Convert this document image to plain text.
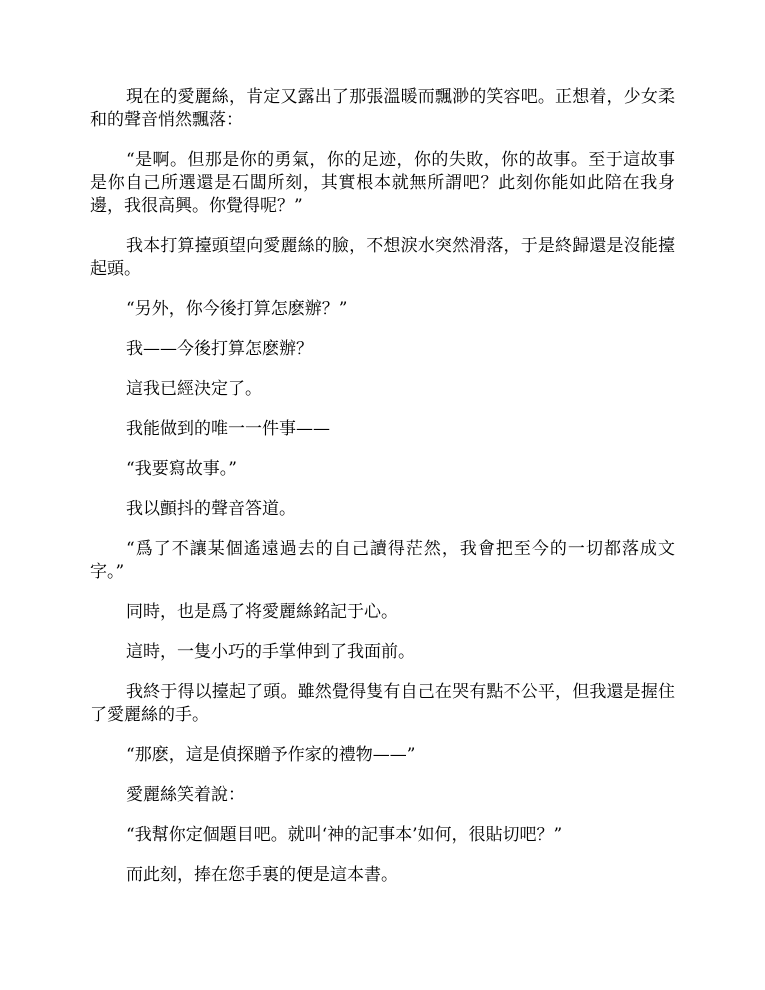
現在的愛麗絲，肯定又露出了那張溫暖而飄渺的笑容吧。正想着，少女柔和的聲音悄然飄落：

“是啊。但那是你的勇氣，你的足迹，你的失敗，你的故事。至于這故事是你自己所選還是石闆所刻，其實根本就無所謂吧？此刻你能如此陪在我身邊，我很高興。你覺得呢？”

我本打算擡頭望向愛麗絲的臉，不想淚水突然滑落，于是終歸還是沒能擡起頭。

“另外，你今後打算怎麽辦？”

我——今後打算怎麽辦？

這我已經決定了。

我能做到的唯一一件事——

“我要寫故事。”

我以顫抖的聲音答道。

“爲了不讓某個遙遠過去的自己讀得茫然，我會把至今的一切都落成文字。”

同時，也是爲了将愛麗絲銘記于心。

這時，一隻小巧的手掌伸到了我面前。

我終于得以擡起了頭。雖然覺得隻有自己在哭有點不公平，但我還是握住了愛麗絲的手。

“那麽，這是偵探贈予作家的禮物——”

愛麗絲笑着說：

“我幫你定個題目吧。就叫‘神的記事本’如何，很貼切吧？”

而此刻，捧在您手裏的便是這本書。
